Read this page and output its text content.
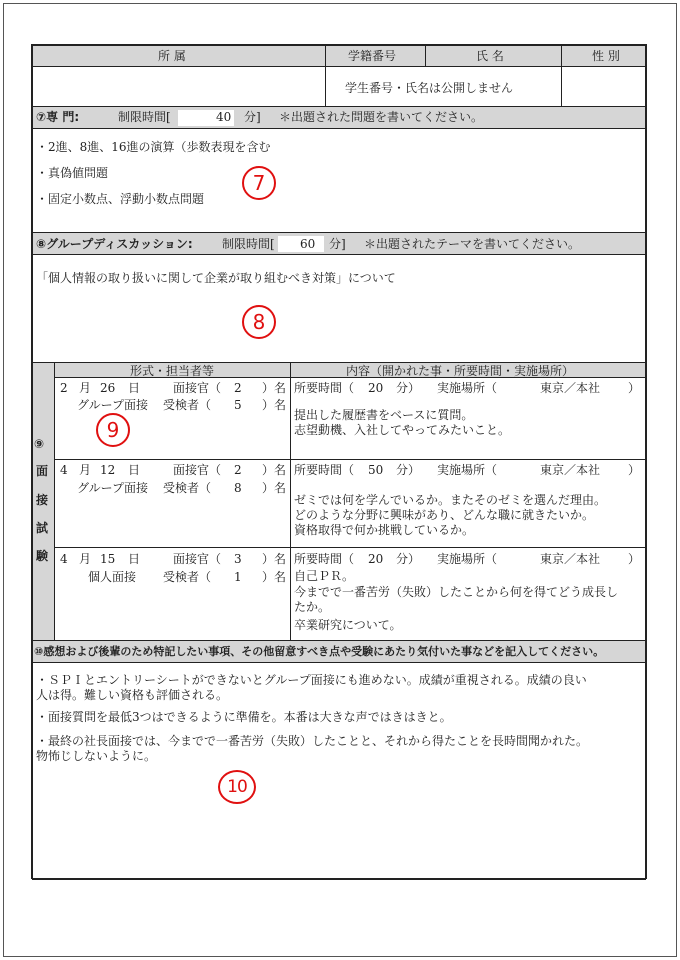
所 属	学籍番号	氏 名	性 別
学生番号・氏名は公開しません
⑦専 門:	制限時間[	40 分] ＊出題された問題を書いてください。
・2進、8進、16進の演算（歩数表現を含む
・真偽値問題
・固定小数点、浮動小数点問題
7
⑧グループディスカッション: 制限時間[ 60 分] ＊出題されたテーマを書いてください。
「個人情報の取り扱いに関して企業が取り組むべき対策」について
8
⑨
面
接
試
験
形式・担当者等	内容（開かれた事・所要時間・実施場所）
2 月 26 日	面接官（ 2 ）名
グループ面接 受検者（ 5 ）名
所要時間（ 20 分） 実施場所（	東京／本社 ）
提出した履歴書をベースに質問。
志望動機、入社してやってみたいこと。
9
4 月 12 日	面接官（ 2 ）名
グループ面接 受検者（ 8 ）名
所要時間（ 50 分） 実施場所（	東京／本社 ）
ゼミでは何を学んでいるか。またそのゼミを選んだ理由。
どのような分野に興味があり、どんな職に就きたいか。
資格取得で何か挑戦しているか。
4 月 15 日	面接官（ 3 ）名
個人面接 受検者（ 1 ）名
所要時間（ 20 分） 実施場所（	東京／本社 ）
自己ＰＲ。
今までで一番苦労（失敗）したことから何を得てどう成長し
たか。
卒業研究について。
⑩感想および後輩のため特記したい事項、その他留意すべき点や受験にあたり気付いた事などを記入してください。
・ＳＰＩとエントリーシートができないとグループ面接にも進めない。成績が重視される。成績の良い
人は得。難しい資格も評価される。
・面接質問を最低3つはできるように準備を。本番は大きな声ではきはきと。
・最終の社長面接では、今までで一番苦労（失敗）したことと、それから得たことを長時間聞かれた。
物怖じしないように。
10
